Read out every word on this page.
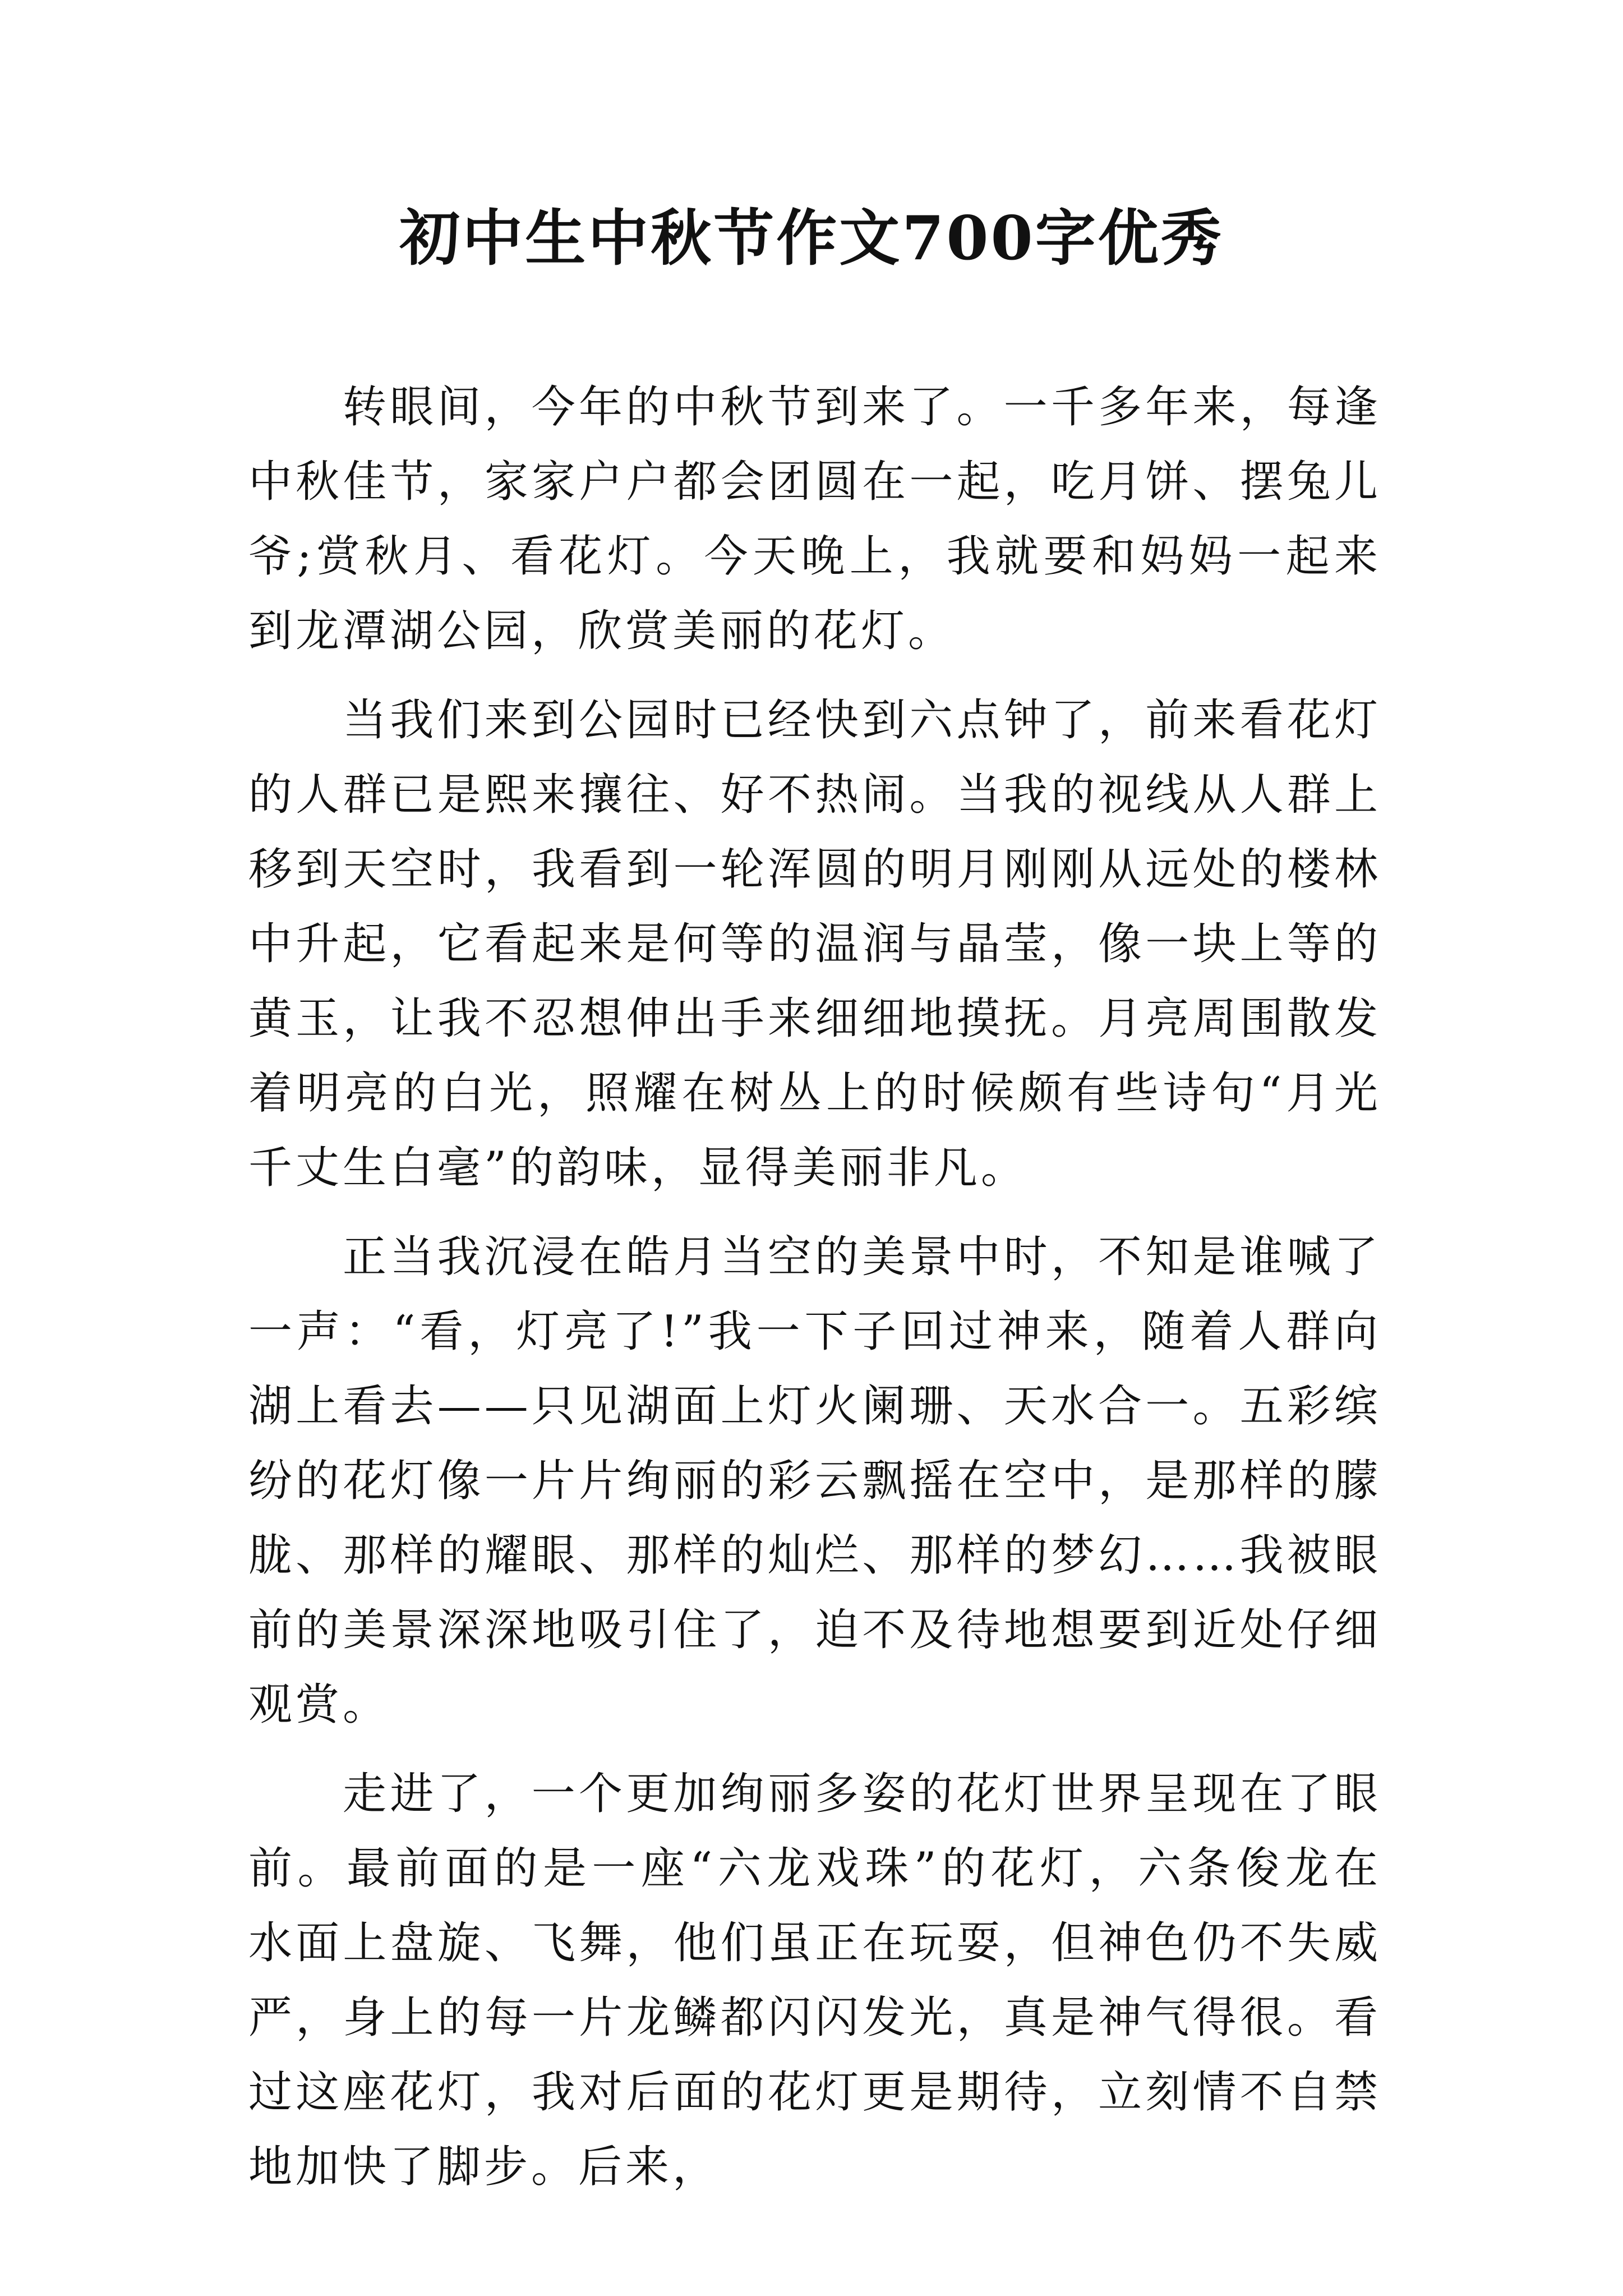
初中生中秋节作文700字优秀

转眼间，今年的中秋节到来了。一千多年来，每逢中秋佳节，家家户户都会团圆在一起，吃月饼、摆兔儿爷;赏秋月、看花灯。今天晚上，我就要和妈妈一起来到龙潭湖公园，欣赏美丽的花灯。

当我们来到公园时已经快到六点钟了，前来看花灯的人群已是熙来攘往、好不热闹。当我的视线从人群上移到天空时，我看到一轮浑圆的明月刚刚从远处的楼林中升起，它看起来是何等的温润与晶莹，像一块上等的黄玉，让我不忍想伸出手来细细地摸抚。月亮周围散发着明亮的白光，照耀在树丛上的时候颇有些诗句“月光千丈生白毫”的韵味，显得美丽非凡。

正当我沉浸在皓月当空的美景中时，不知是谁喊了一声：“看，灯亮了!”我一下子回过神来，随着人群向湖上看去——只见湖面上灯火阑珊、天水合一。五彩缤纷的花灯像一片片绚丽的彩云飘摇在空中，是那样的朦胧、那样的耀眼、那样的灿烂、那样的梦幻……我被眼前的美景深深地吸引住了，迫不及待地想要到近处仔细观赏。

走进了，一个更加绚丽多姿的花灯世界呈现在了眼前。最前面的是一座“六龙戏珠”的花灯，六条俊龙在水面上盘旋、飞舞，他们虽正在玩耍，但神色仍不失威严，身上的每一片龙鳞都闪闪发光，真是神气得很。看过这座花灯，我对后面的花灯更是期待，立刻情不自禁地加快了脚步。后来，
